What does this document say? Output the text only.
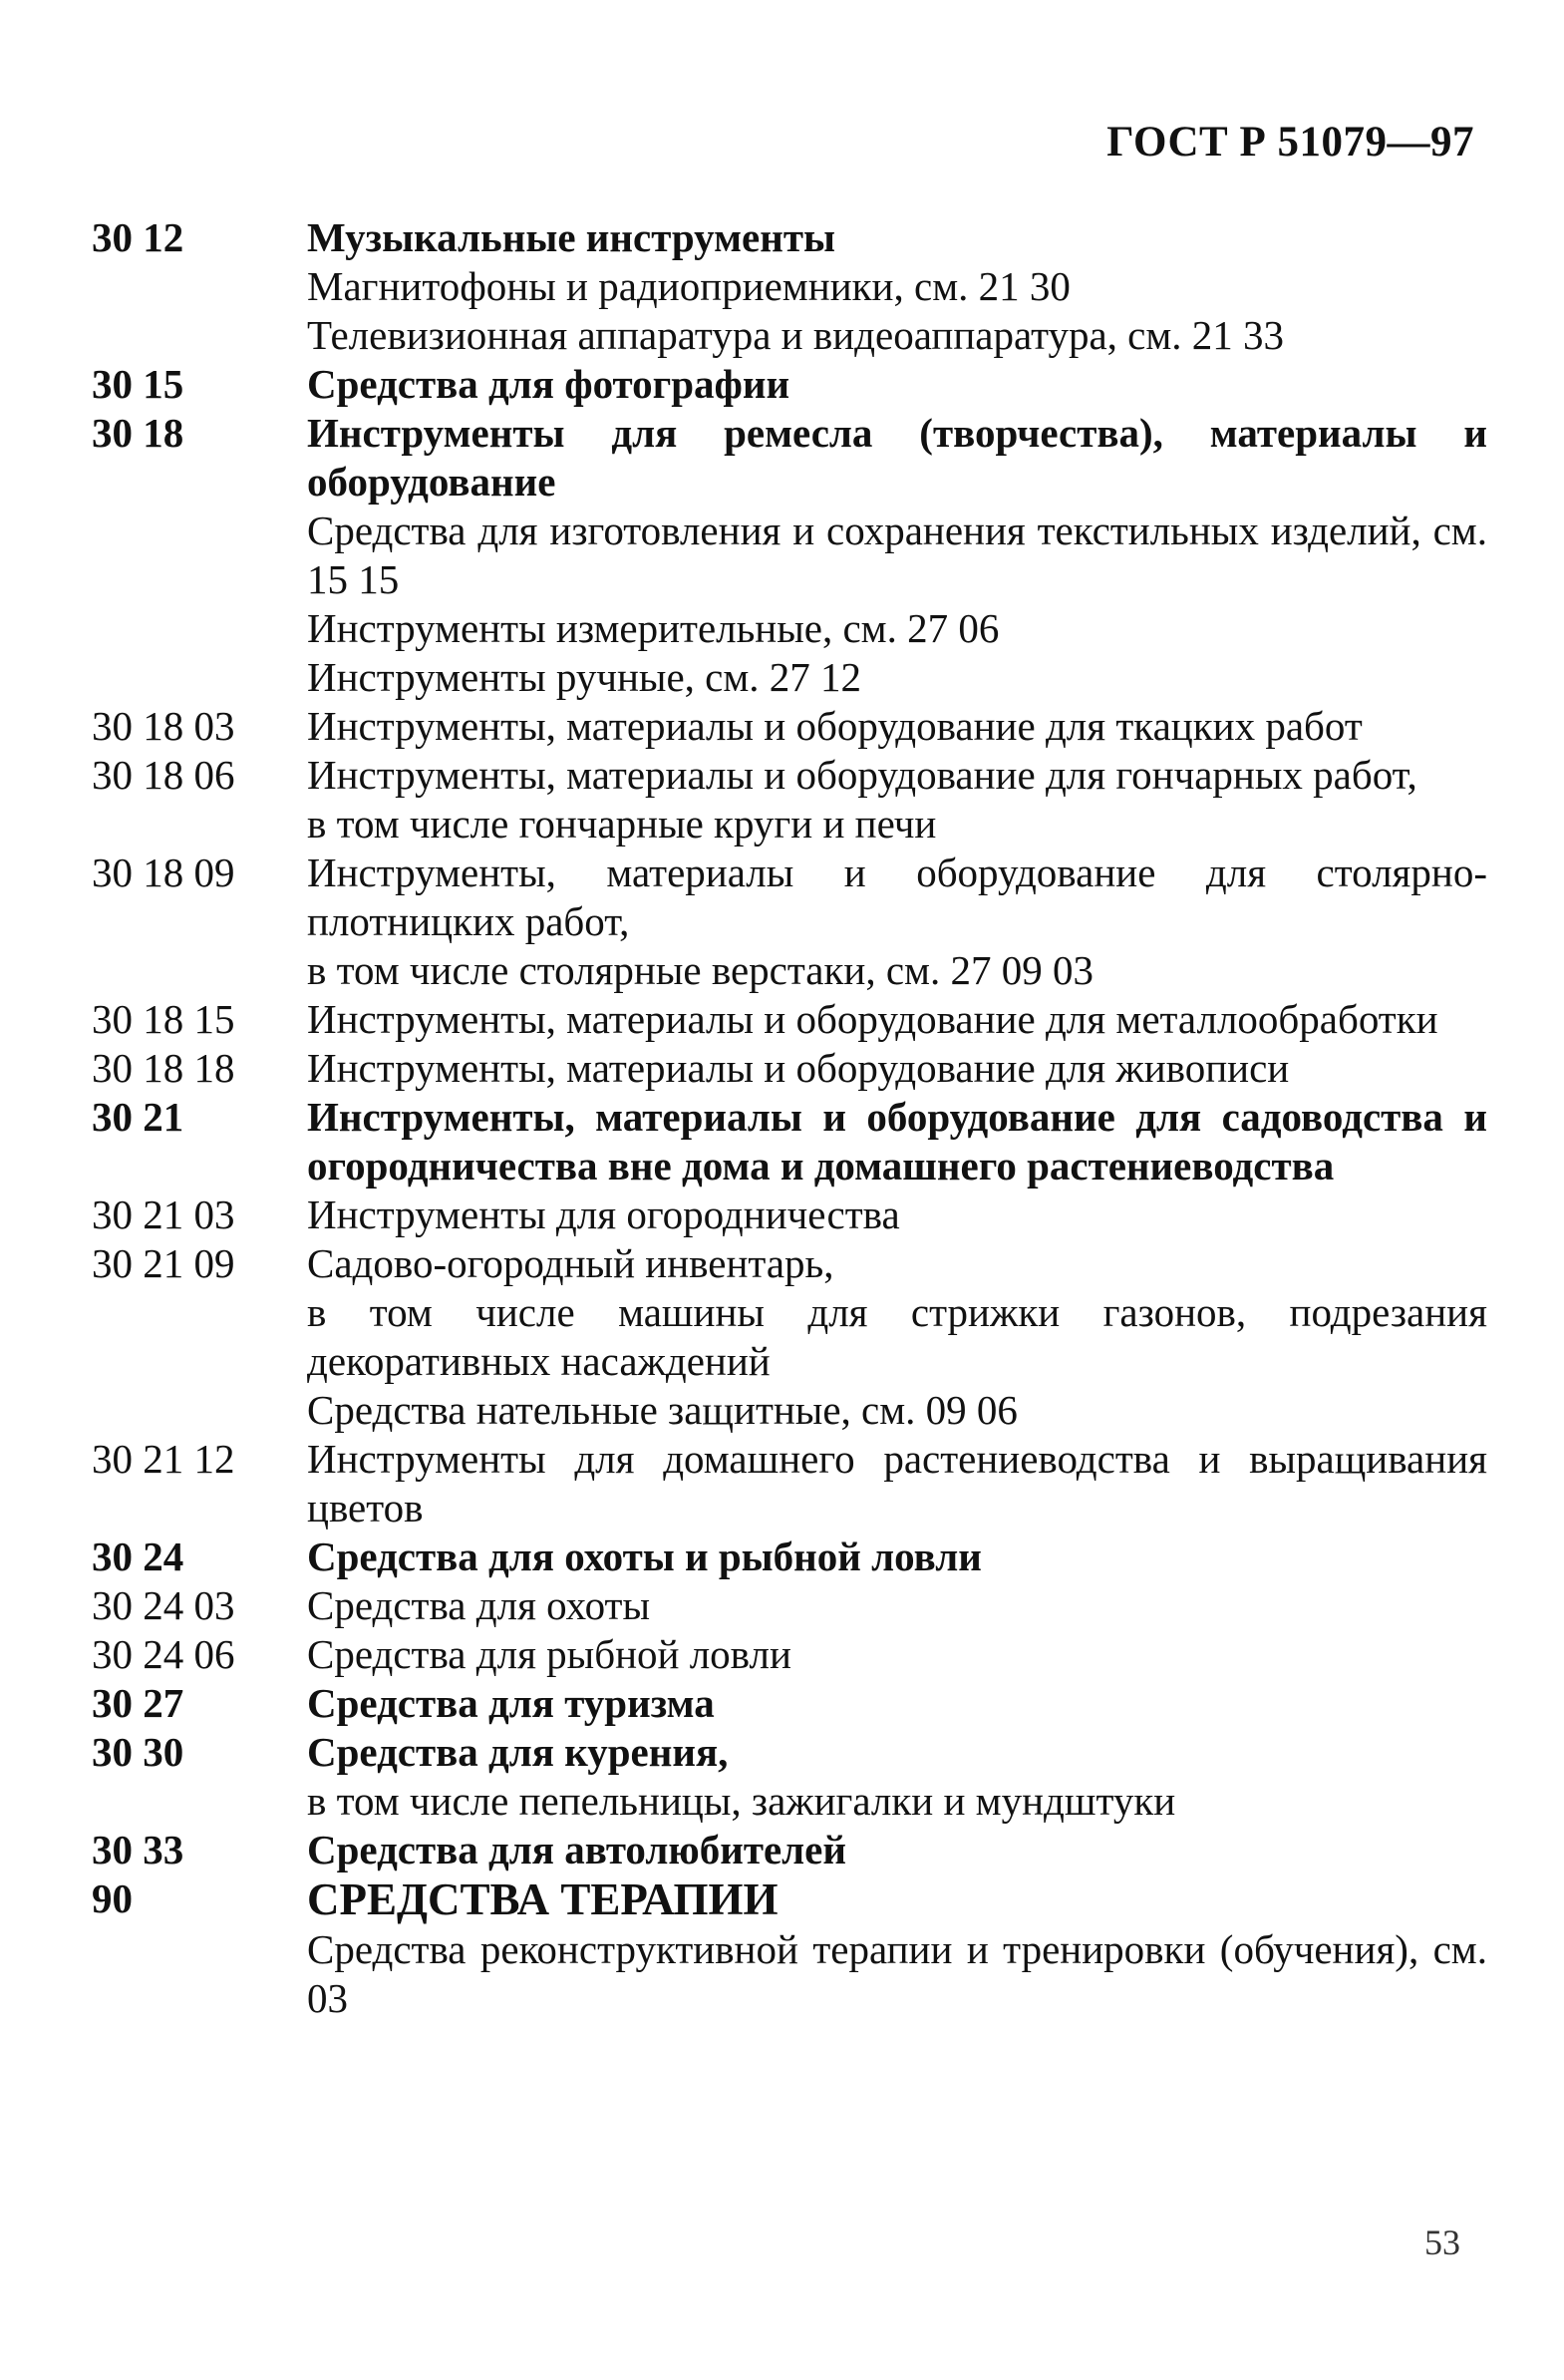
ГОСТ Р 51079—97
30 12	Музыкальные инструменты
Магнитофоны и радиоприемники, см. 21 30
Телевизионная аппаратура и видеоаппаратура, см. 21 33
30 15	Средства для фотографии
30 18	Инструменты для ремесла (творчества), материалы и оборудование
Средства для изготовления и сохранения текстильных изделий, см. 15 15
Инструменты измерительные, см. 27 06
Инструменты ручные, см. 27 12
30 18 03	Инструменты, материалы и оборудование для ткацких работ
30 18 06	Инструменты, материалы и оборудование для гончарных работ,
в том числе гончарные круги и печи
30 18 09	Инструменты, материалы и оборудование для столярно-плотницких работ,
в том числе столярные верстаки, см. 27 09 03
30 18 15	Инструменты, материалы и оборудование для металлообработки
30 18 18	Инструменты, материалы и оборудование для живописи
30 21	Инструменты, материалы и оборудование для садоводства и огородничества вне дома и домашнего растениеводства
30 21 03	Инструменты для огородничества
30 21 09	Садово-огородный инвентарь,
в том числе машины для стрижки газонов, подрезания декоративных насаждений
Средства нательные защитные, см. 09 06
30 21 12	Инструменты для домашнего растениеводства и выращивания цветов
30 24	Средства для охоты и рыбной ловли
30 24 03	Средства для охоты
30 24 06	Средства для рыбной ловли
30 27	Средства для туризма
30 30	Средства для курения,
в том числе пепельницы, зажигалки и мундштуки
30 33	Средства для автолюбителей
90	СРЕДСТВА ТЕРАПИИ
Средства реконструктивной терапии и тренировки (обучения), см. 03
53
